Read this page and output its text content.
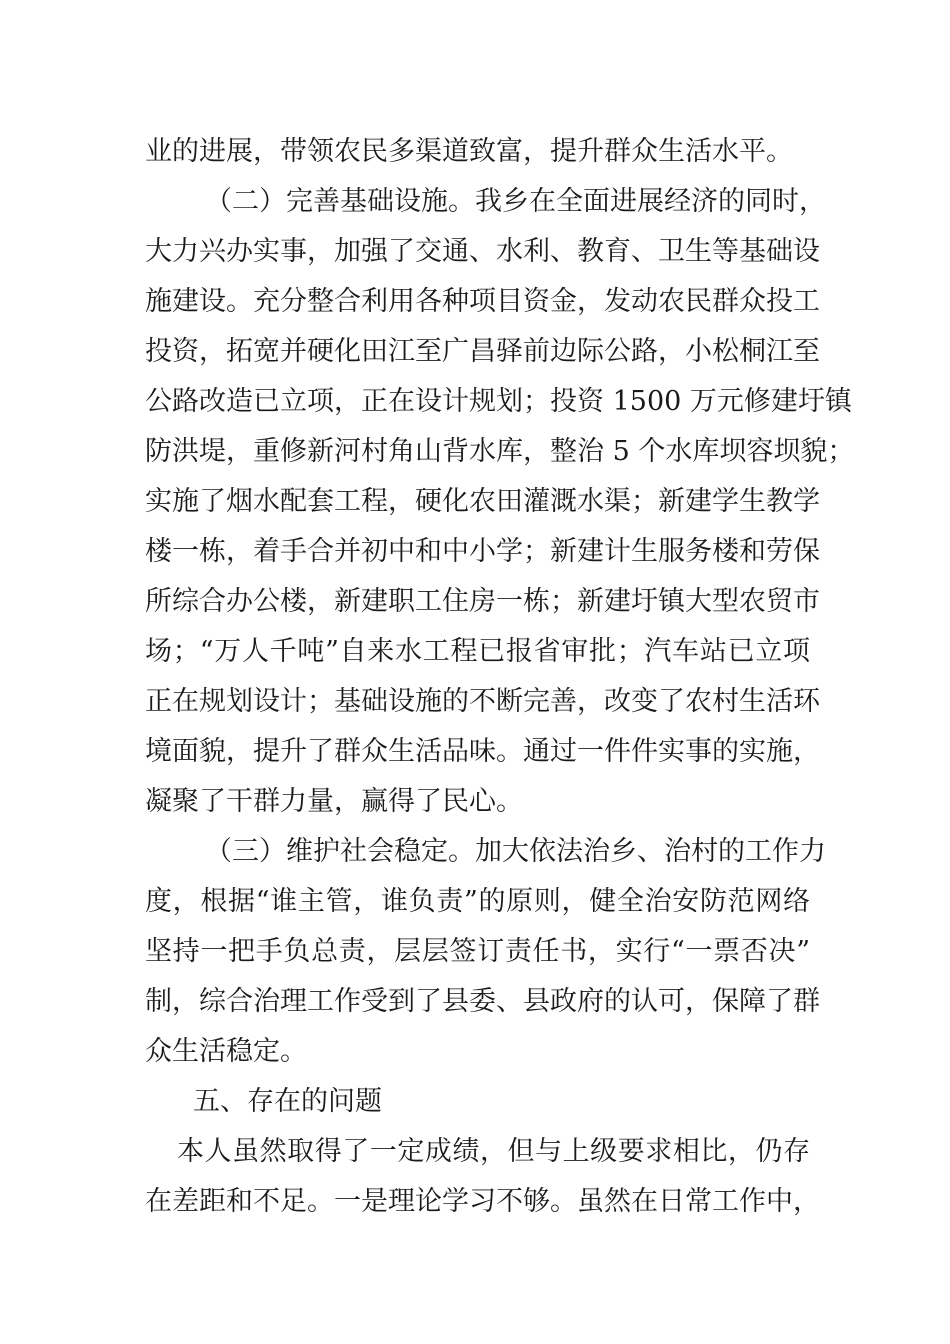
业的进展，带领农民多渠道致富，提升群众生活水平。
（二）完善基础设施。我乡在全面进展经济的同时，
大力兴办实事，加强了交通、水利、教育、卫生等基础设
施建设。充分整合利用各种项目资金，发动农民群众投工
投资，拓宽并硬化田江至广昌驿前边际公路，小松桐江至
公路改造已立项，正在设计规划；投资 1500 万元修建圩镇
防洪堤，重修新河村角山背水库，整治 5 个水库坝容坝貌；
实施了烟水配套工程，硬化农田灌溉水渠；新建学生教学
楼一栋，着手合并初中和中小学；新建计生服务楼和劳保
所综合办公楼，新建职工住房一栋；新建圩镇大型农贸市
场；“万人千吨”自来水工程已报省审批；汽车站已立项
正在规划设计；基础设施的不断完善，改变了农村生活环
境面貌，提升了群众生活品味。通过一件件实事的实施，
凝聚了干群力量，赢得了民心。
（三）维护社会稳定。加大依法治乡、治村的工作力
度，根据“谁主管，谁负责”的原则，健全治安防范网络
坚持一把手负总责，层层签订责任书，实行“一票否决”
制，综合治理工作受到了县委、县政府的认可，保障了群
众生活稳定。
五、存在的问题
本人虽然取得了一定成绩，但与上级要求相比，仍存
在差距和不足。一是理论学习不够。虽然在日常工作中，
